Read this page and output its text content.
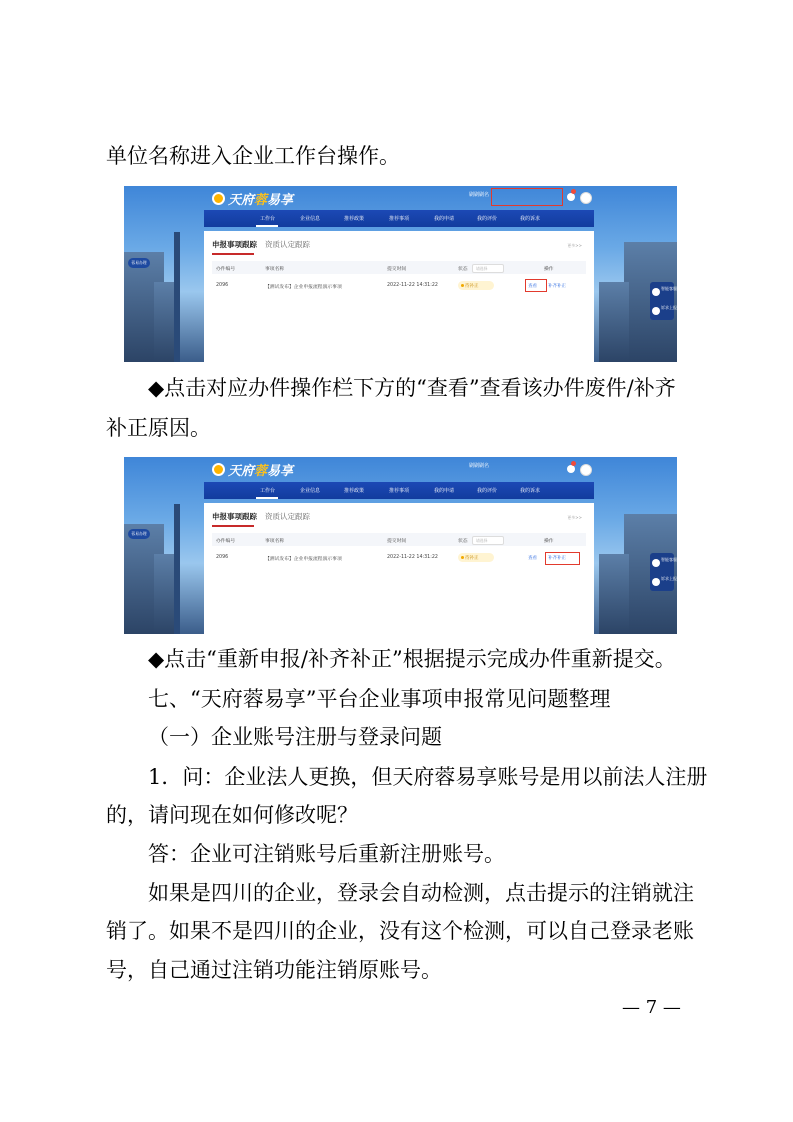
单位名称进入企业工作台操作。
蓉易办理
天府蓉易享	刷刷刷名
工作台	企业信息	推荐政策	推荐事项	我的申请	我的评价	我的诉求
申报事项跟踪 资质认定跟踪	更多>>
办件编号	事项名称	提交时间	状态 请选择	操作
2096	【测试发布】企业申报流程演示事项	2022-11-22 14:31:22	待补正	查看 补齐补正	智能客服
诉求上报
◆点击对应办件操作栏下方的“查看”查看该办件废件/补齐
补正原因。
蓉易办理
天府蓉易享	刷刷刷名
工作台	企业信息	推荐政策	推荐事项	我的申请	我的评价	我的诉求
申报事项跟踪 资质认定跟踪	更多>>
办件编号	事项名称	提交时间	状态 请选择	操作
2096	【测试发布】企业申报流程演示事项	2022-11-22 14:31:22	待补正	查看 补齐补正	智能客服
诉求上报
◆点击“重新申报/补齐补正”根据提示完成办件重新提交。
七、“天府蓉易享”平台企业事项申报常见问题整理
（一）企业账号注册与登录问题
1．问：企业法人更换，但天府蓉易享账号是用以前法人注册
的，请问现在如何修改呢？
答：企业可注销账号后重新注册账号。
如果是四川的企业，登录会自动检测，点击提示的注销就注
销了。如果不是四川的企业，没有这个检测，可以自己登录老账
号，自己通过注销功能注销原账号。
— 7 —
